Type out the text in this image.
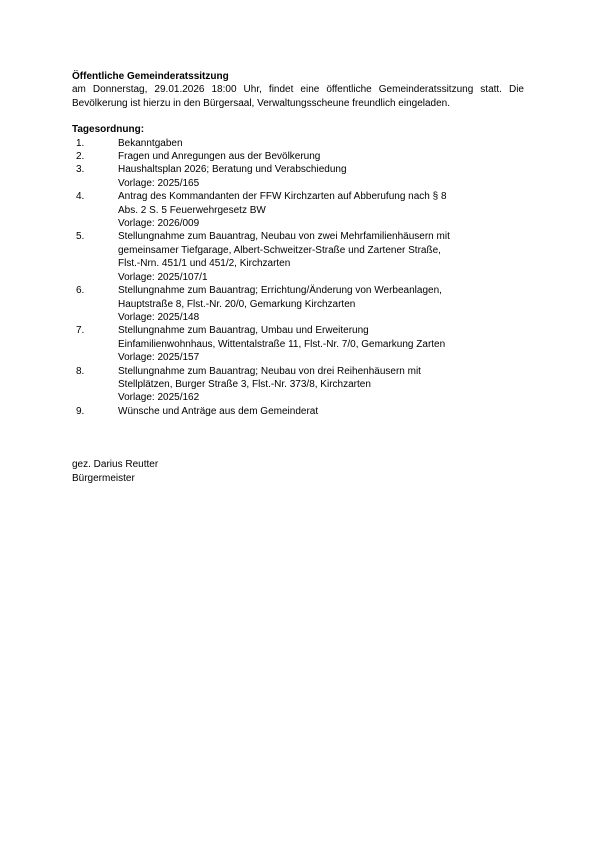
Öffentliche Gemeinderatssitzung
am Donnerstag, 29.01.2026 18:00 Uhr, findet eine öffentliche Gemeinderatssitzung statt. Die Bevölkerung ist hierzu in den Bürgersaal, Verwaltungsscheune freundlich eingeladen.
Tagesordnung:
1.	Bekanntgaben
2.	Fragen und Anregungen aus der Bevölkerung
3.	Haushaltsplan 2026; Beratung und Verabschiedung
Vorlage: 2025/165
4.	Antrag des Kommandanten der FFW Kirchzarten auf Abberufung nach § 8
Abs. 2 S. 5 Feuerwehrgesetz BW
Vorlage: 2026/009
5.	Stellungnahme zum Bauantrag, Neubau von zwei Mehrfamilienhäusern mit
gemeinsamer Tiefgarage, Albert-Schweitzer-Straße und Zartener Straße,
Flst.-Nrn. 451/1 und 451/2, Kirchzarten
Vorlage: 2025/107/1
6.	Stellungnahme zum Bauantrag; Errichtung/Änderung von Werbeanlagen,
Hauptstraße 8, Flst.-Nr. 20/0, Gemarkung Kirchzarten
Vorlage: 2025/148
7.	Stellungnahme zum Bauantrag, Umbau und Erweiterung
Einfamilienwohnhaus, Wittentalstraße 11, Flst.-Nr. 7/0, Gemarkung Zarten
Vorlage: 2025/157
8.	Stellungnahme zum Bauantrag; Neubau von drei Reihenhäusern mit
Stellplätzen, Burger Straße 3, Flst.-Nr. 373/8, Kirchzarten
Vorlage: 2025/162
9.	Wünsche und Anträge aus dem Gemeinderat
gez. Darius Reutter
Bürgermeister
